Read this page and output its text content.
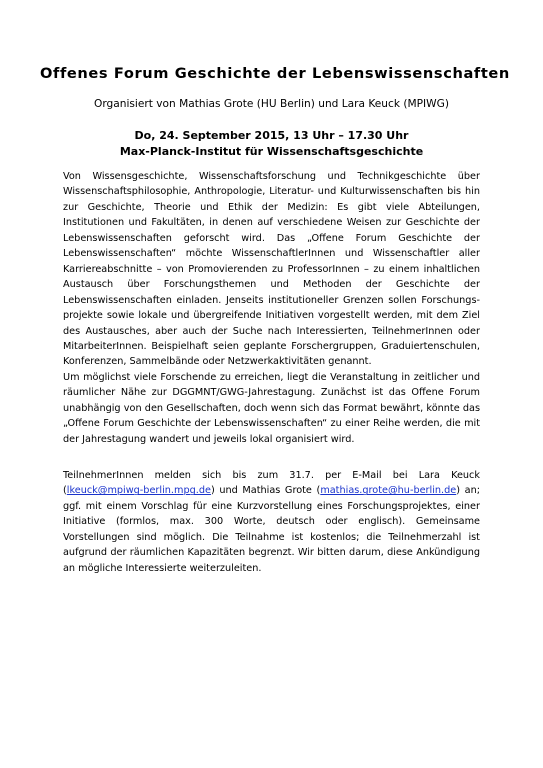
Offenes Forum Geschichte der Lebenswissenschaften
Organisiert von Mathias Grote (HU Berlin) und Lara Keuck (MPIWG)
Do, 24. September 2015, 13 Uhr – 17.30 Uhr
Max-Planck-Institut für Wissenschaftsgeschichte
Von Wissensgeschichte, Wissenschaftsforschung und Technikgeschichte über Wissenschaftsphilosophie, Anthropologie, Literatur- und Kulturwissenschaften bis hin zur Geschichte, Theorie und Ethik der Medizin: Es gibt viele Abteilungen, Institutionen und Fakultäten, in denen auf verschiedene Weisen zur Geschichte der Lebenswissenschaften geforscht wird. Das „Offene Forum Geschichte der Lebenswissenschaften“ möchte WissenschaftlerInnen und Wissenschaftler aller Karriereabschnitte – von Promovierenden zu ProfessorInnen – zu einem inhaltlichen Austausch über Forschungsthemen und Methoden der Geschichte der Lebenswissenschaften einladen. Jenseits institutioneller Grenzen sollen Forschungsprojekte sowie lokale und übergreifende Initiativen vorgestellt werden, mit dem Ziel des Austausches, aber auch der Suche nach Interessierten, TeilnehmerInnen oder MitarbeiterInnen. Beispielhaft seien geplante Forschergruppen, Graduiertenschulen, Konferenzen, Sammelbände oder Netzwerkaktivitäten genannt.
Um möglichst viele Forschende zu erreichen, liegt die Veranstaltung in zeitlicher und räumlicher Nähe zur DGGMNT/GWG-Jahrestagung. Zunächst ist das Offene Forum unabhängig von den Gesellschaften, doch wenn sich das Format bewährt, könnte das „Offene Forum Geschichte der Lebenswissenschaften“ zu einer Reihe werden, die mit der Jahrestagung wandert und jeweils lokal organisiert wird.
TeilnehmerInnen melden sich bis zum 31.7. per E-Mail bei Lara Keuck (lkeuck@mpiwg-berlin.mpg.de) und Mathias Grote (mathias.grote@hu-berlin.de) an; ggf. mit einem Vorschlag für eine Kurzvorstellung eines Forschungsprojektes, einer Initiative (formlos, max. 300 Worte, deutsch oder englisch). Gemeinsame Vorstellungen sind möglich. Die Teilnahme ist kostenlos; die Teilnehmerzahl ist aufgrund der räumlichen Kapazitäten begrenzt. Wir bitten darum, diese Ankündigung an mögliche Interessierte weiterzuleiten.
